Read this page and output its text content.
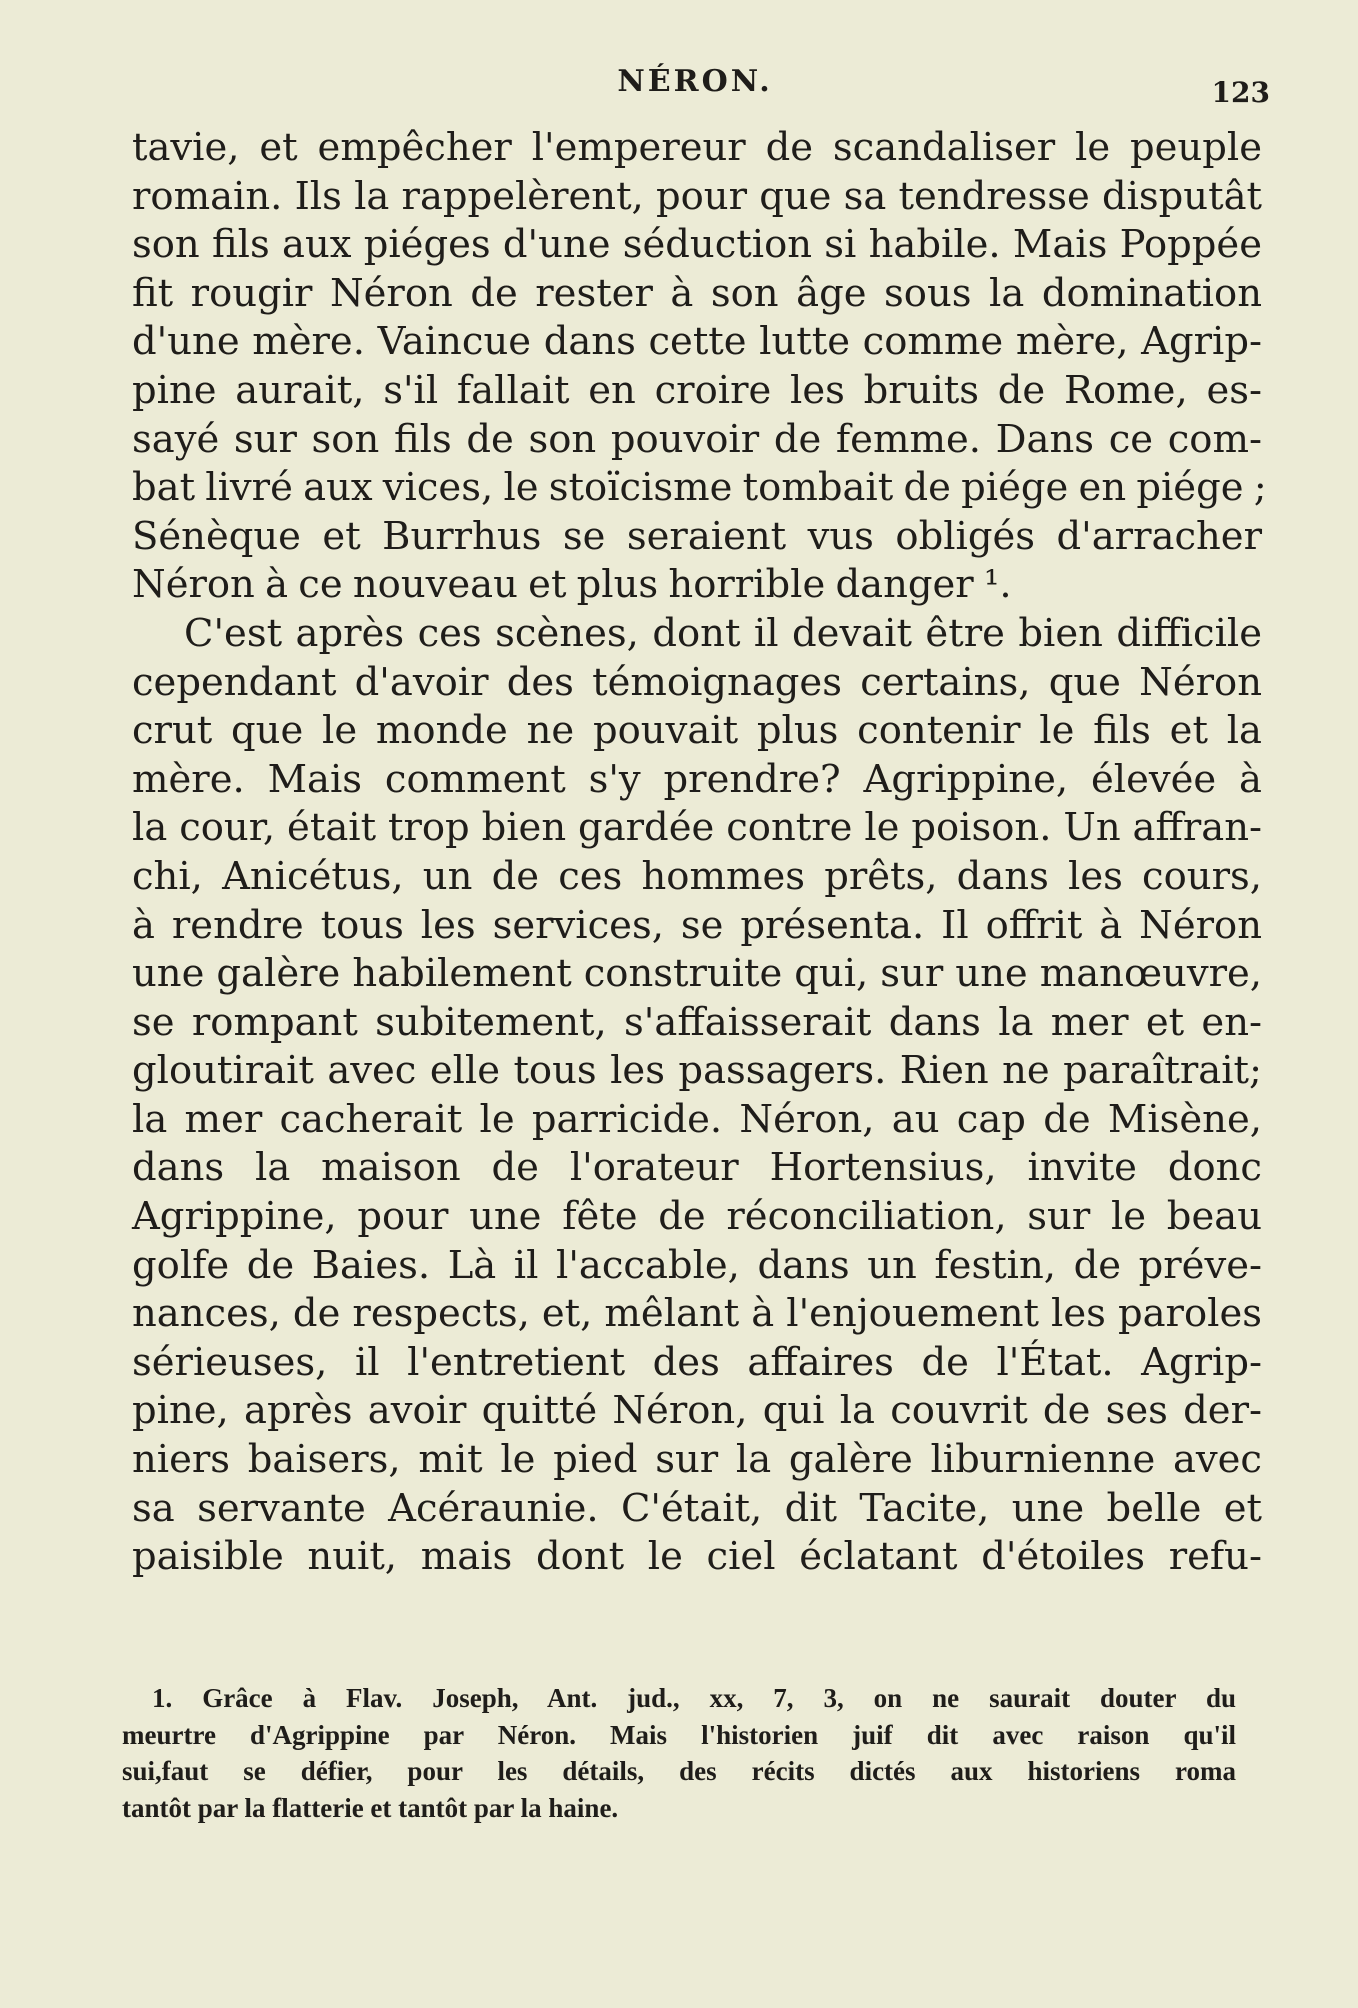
NÉRON.	123
tavie, et empêcher l'empereur de scandaliser le peuple
romain. Ils la rappelèrent, pour que sa tendresse disputât
son fils aux piéges d'une séduction si habile. Mais Poppée
fit rougir Néron de rester à son âge sous la domination
d'une mère. Vaincue dans cette lutte comme mère, Agrip-
pine aurait, s'il fallait en croire les bruits de Rome, es-
sayé sur son fils de son pouvoir de femme. Dans ce com-
bat livré aux vices, le stoïcisme tombait de piége en piége ;
Sénèque et Burrhus se seraient vus obligés d'arracher
Néron à ce nouveau et plus horrible danger ¹.
C'est après ces scènes, dont il devait être bien difficile
cependant d'avoir des témoignages certains, que Néron
crut que le monde ne pouvait plus contenir le fils et la
mère. Mais comment s'y prendre? Agrippine, élevée à
la cour, était trop bien gardée contre le poison. Un affran-
chi, Anicétus, un de ces hommes prêts, dans les cours,
à rendre tous les services, se présenta. Il offrit à Néron
une galère habilement construite qui, sur une manœuvre,
se rompant subitement, s'affaisserait dans la mer et en-
gloutirait avec elle tous les passagers. Rien ne paraîtrait;
la mer cacherait le parricide. Néron, au cap de Misène,
dans la maison de l'orateur Hortensius, invite donc
Agrippine, pour une fête de réconciliation, sur le beau
golfe de Baies. Là il l'accable, dans un festin, de préve-
nances, de respects, et, mêlant à l'enjouement les paroles
sérieuses, il l'entretient des affaires de l'État. Agrip-
pine, après avoir quitté Néron, qui la couvrit de ses der-
niers baisers, mit le pied sur la galère liburnienne avec
sa servante Acéraunie. C'était, dit Tacite, une belle et
paisible nuit, mais dont le ciel éclatant d'étoiles refu-
1. Grâce à Flav. Joseph, Ant. jud., xx, 7, 3, on ne saurait douter du
meurtre d'Agrippine par Néron. Mais l'historien juif dit avec raison qu'il
sui,faut se défier, pour les détails, des récits dictés aux historiens roma
tantôt par la flatterie et tantôt par la haine.
